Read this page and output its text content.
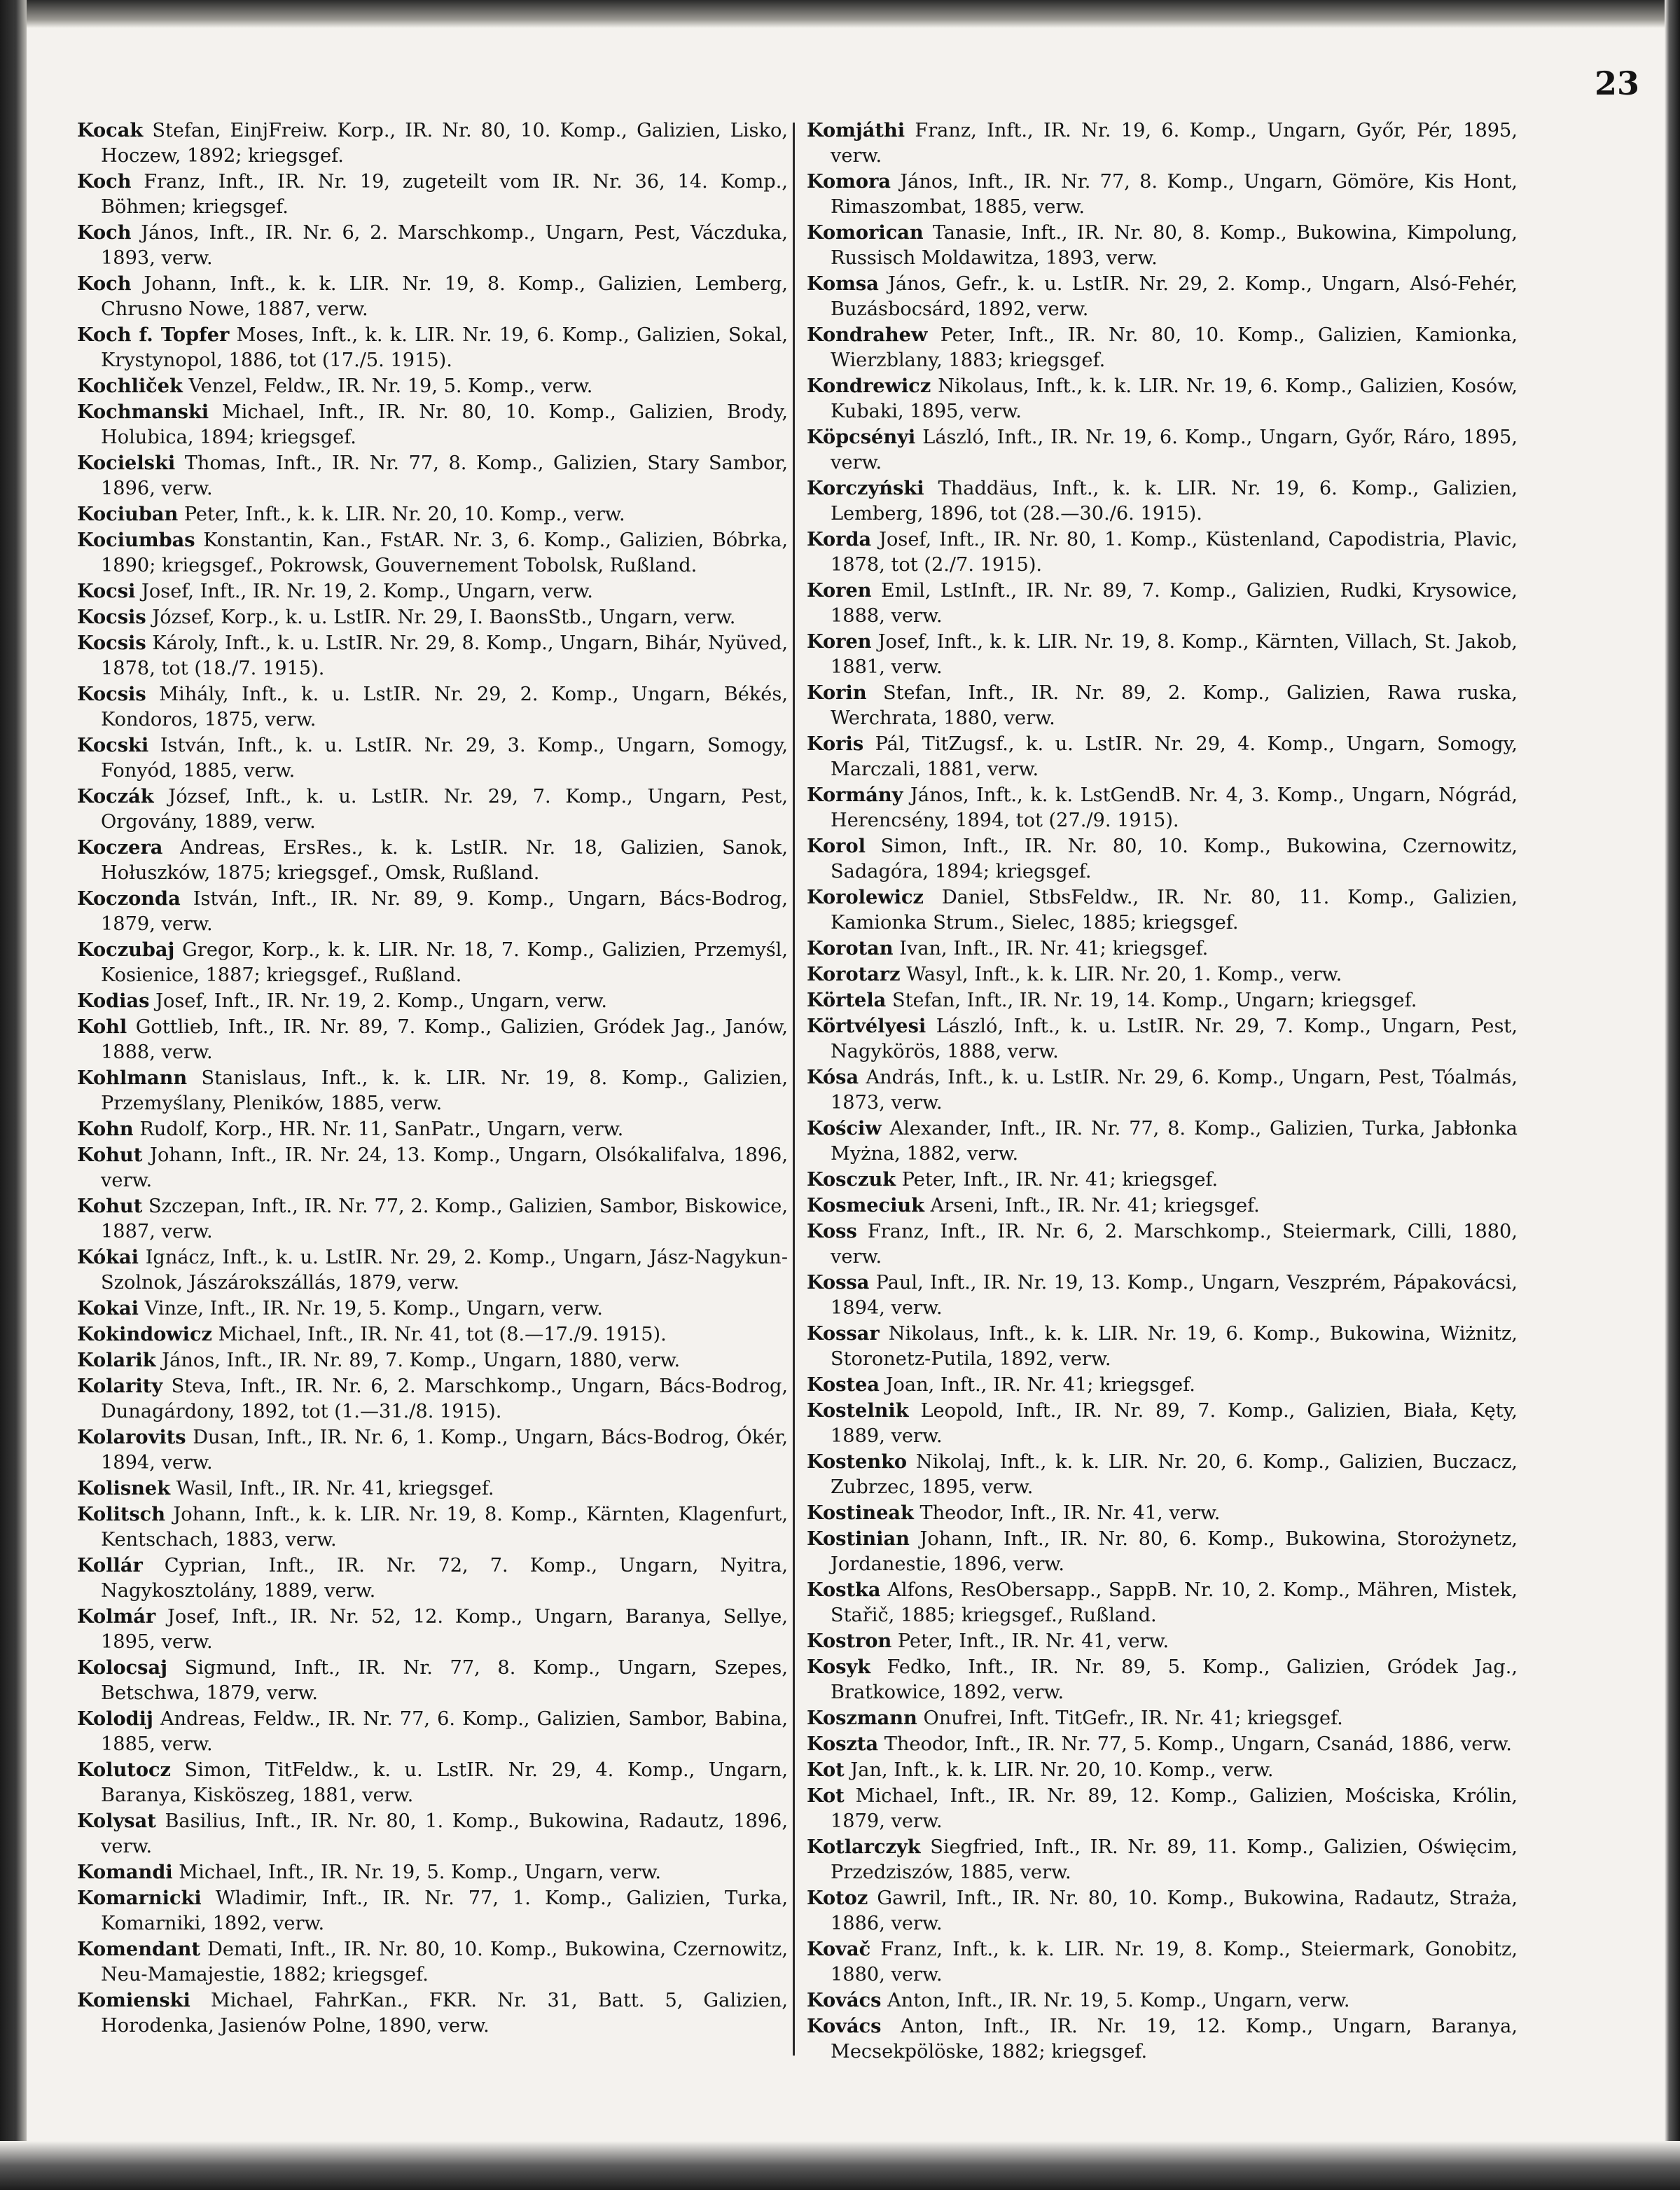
23

Kocak Stefan, EinjFreiw. Korp., IR. Nr. 80, 10. Komp., Galizien, Lisko, Hoczew, 1892; kriegsgef.

Koch Franz, Inft., IR. Nr. 19, zugeteilt vom IR. Nr. 36, 14. Komp., Böhmen; kriegsgef.

Koch János, Inft., IR. Nr. 6, 2. Marschkomp., Ungarn, Pest, Váczduka, 1893, verw.

Koch Johann, Inft., k. k. LIR. Nr. 19, 8. Komp., Galizien, Lemberg, Chrusno Nowe, 1887, verw.

Koch f. Topfer Moses, Inft., k. k. LIR. Nr. 19, 6. Komp., Galizien, Sokal, Krystynopol, 1886, tot (17./5. 1915).

Kochliček Venzel, Feldw., IR. Nr. 19, 5. Komp., verw.

Kochmanski Michael, Inft., IR. Nr. 80, 10. Komp., Galizien, Brody, Holubica, 1894; kriegsgef.

Kocielski Thomas, Inft., IR. Nr. 77, 8. Komp., Galizien, Stary Sambor, 1896, verw.

Kociuban Peter, Inft., k. k. LIR. Nr. 20, 10. Komp., verw.

Kociumbas Konstantin, Kan., FstAR. Nr. 3, 6. Komp., Galizien, Bóbrka, 1890; kriegsgef., Pokrowsk, Gouvernement Tobolsk, Rußland.

Kocsi Josef, Inft., IR. Nr. 19, 2. Komp., Ungarn, verw.

Kocsis József, Korp., k. u. LstIR. Nr. 29, I. BaonsStb., Ungarn, verw.

Kocsis Károly, Inft., k. u. LstIR. Nr. 29, 8. Komp., Ungarn, Bihár, Nyüved, 1878, tot (18./7. 1915).

Kocsis Mihály, Inft., k. u. LstIR. Nr. 29, 2. Komp., Ungarn, Békés, Kondoros, 1875, verw.

Kocski István, Inft., k. u. LstIR. Nr. 29, 3. Komp., Ungarn, Somogy, Fonyód, 1885, verw.

Koczák József, Inft., k. u. LstIR. Nr. 29, 7. Komp., Ungarn, Pest, Orgovány, 1889, verw.

Koczera Andreas, ErsRes., k. k. LstIR. Nr. 18, Galizien, Sanok, Hołuszków, 1875; kriegsgef., Omsk, Rußland.

Koczonda István, Inft., IR. Nr. 89, 9. Komp., Ungarn, Bács-Bodrog, 1879, verw.

Koczubaj Gregor, Korp., k. k. LIR. Nr. 18, 7. Komp., Galizien, Przemyśl, Kosienice, 1887; kriegsgef., Rußland.

Kodias Josef, Inft., IR. Nr. 19, 2. Komp., Ungarn, verw.

Kohl Gottlieb, Inft., IR. Nr. 89, 7. Komp., Galizien, Gródek Jag., Janów, 1888, verw.

Kohlmann Stanislaus, Inft., k. k. LIR. Nr. 19, 8. Komp., Galizien, Przemyślany, Pleników, 1885, verw.

Kohn Rudolf, Korp., HR. Nr. 11, SanPatr., Ungarn, verw.

Kohut Johann, Inft., IR. Nr. 24, 13. Komp., Ungarn, Olsókalifalva, 1896, verw.

Kohut Szczepan, Inft., IR. Nr. 77, 2. Komp., Galizien, Sambor, Biskowice, 1887, verw.

Kókai Ignácz, Inft., k. u. LstIR. Nr. 29, 2. Komp., Ungarn, Jász-Nagykun-Szolnok, Jászárokszállás, 1879, verw.

Kokai Vinze, Inft., IR. Nr. 19, 5. Komp., Ungarn, verw.

Kokindowicz Michael, Inft., IR. Nr. 41, tot (8.—17./9. 1915).

Kolarik János, Inft., IR. Nr. 89, 7. Komp., Ungarn, 1880, verw.

Kolarity Steva, Inft., IR. Nr. 6, 2. Marschkomp., Ungarn, Bács-Bodrog, Dunagárdony, 1892, tot (1.—31./8. 1915).

Kolarovits Dusan, Inft., IR. Nr. 6, 1. Komp., Ungarn, Bács-Bodrog, Ókér, 1894, verw.

Kolisnek Wasil, Inft., IR. Nr. 41, kriegsgef.

Kolitsch Johann, Inft., k. k. LIR. Nr. 19, 8. Komp., Kärnten, Klagenfurt, Kentschach, 1883, verw.

Kollár Cyprian, Inft., IR. Nr. 72, 7. Komp., Ungarn, Nyitra, Nagykosztolány, 1889, verw.

Kolmár Josef, Inft., IR. Nr. 52, 12. Komp., Ungarn, Baranya, Sellye, 1895, verw.

Kolocsaj Sigmund, Inft., IR. Nr. 77, 8. Komp., Ungarn, Szepes, Betschwa, 1879, verw.

Kolodij Andreas, Feldw., IR. Nr. 77, 6. Komp., Galizien, Sambor, Babina, 1885, verw.

Kolutocz Simon, TitFeldw., k. u. LstIR. Nr. 29, 4. Komp., Ungarn, Baranya, Kisköszeg, 1881, verw.

Kolysat Basilius, Inft., IR. Nr. 80, 1. Komp., Bukowina, Radautz, 1896, verw.

Komandi Michael, Inft., IR. Nr. 19, 5. Komp., Ungarn, verw.

Komarnicki Wladimir, Inft., IR. Nr. 77, 1. Komp., Galizien, Turka, Komarniki, 1892, verw.

Komendant Demati, Inft., IR. Nr. 80, 10. Komp., Bukowina, Czernowitz, Neu-Mamajestie, 1882; kriegsgef.

Komienski Michael, FahrKan., FKR. Nr. 31, Batt. 5, Galizien, Horodenka, Jasienów Polne, 1890, verw.

Komjáthi Franz, Inft., IR. Nr. 19, 6. Komp., Ungarn, Győr, Pér, 1895, verw.

Komora János, Inft., IR. Nr. 77, 8. Komp., Ungarn, Gömöre, Kis Hont, Rimaszombat, 1885, verw.

Komorican Tanasie, Inft., IR. Nr. 80, 8. Komp., Bukowina, Kimpolung, Russisch Moldawitza, 1893, verw.

Komsa János, Gefr., k. u. LstIR. Nr. 29, 2. Komp., Ungarn, Alsó-Fehér, Buzásbocsárd, 1892, verw.

Kondrahew Peter, Inft., IR. Nr. 80, 10. Komp., Galizien, Kamionka, Wierzblany, 1883; kriegsgef.

Kondrewicz Nikolaus, Inft., k. k. LIR. Nr. 19, 6. Komp., Galizien, Kosów, Kubaki, 1895, verw.

Köpcsényi László, Inft., IR. Nr. 19, 6. Komp., Ungarn, Győr, Ráro, 1895, verw.

Korczyński Thaddäus, Inft., k. k. LIR. Nr. 19, 6. Komp., Galizien, Lemberg, 1896, tot (28.—30./6. 1915).

Korda Josef, Inft., IR. Nr. 80, 1. Komp., Küstenland, Capodistria, Plavic, 1878, tot (2./7. 1915).

Koren Emil, LstInft., IR. Nr. 89, 7. Komp., Galizien, Rudki, Krysowice, 1888, verw.

Koren Josef, Inft., k. k. LIR. Nr. 19, 8. Komp., Kärnten, Villach, St. Jakob, 1881, verw.

Korin Stefan, Inft., IR. Nr. 89, 2. Komp., Galizien, Rawa ruska, Werchrata, 1880, verw.

Koris Pál, TitZugsf., k. u. LstIR. Nr. 29, 4. Komp., Ungarn, Somogy, Marczali, 1881, verw.

Kormány János, Inft., k. k. LstGendB. Nr. 4, 3. Komp., Ungarn, Nógrád, Herencsény, 1894, tot (27./9. 1915).

Korol Simon, Inft., IR. Nr. 80, 10. Komp., Bukowina, Czernowitz, Sadagóra, 1894; kriegsgef.

Korolewicz Daniel, StbsFeldw., IR. Nr. 80, 11. Komp., Galizien, Kamionka Strum., Sielec, 1885; kriegsgef.

Korotan Ivan, Inft., IR. Nr. 41; kriegsgef.

Korotarz Wasyl, Inft., k. k. LIR. Nr. 20, 1. Komp., verw.

Körtela Stefan, Inft., IR. Nr. 19, 14. Komp., Ungarn; kriegsgef.

Körtvélyesi László, Inft., k. u. LstIR. Nr. 29, 7. Komp., Ungarn, Pest, Nagykörös, 1888, verw.

Kósa András, Inft., k. u. LstIR. Nr. 29, 6. Komp., Ungarn, Pest, Tóalmás, 1873, verw.

Kościw Alexander, Inft., IR. Nr. 77, 8. Komp., Galizien, Turka, Jabłonka Myżna, 1882, verw.

Kosczuk Peter, Inft., IR. Nr. 41; kriegsgef.

Kosmeciuk Arseni, Inft., IR. Nr. 41; kriegsgef.

Koss Franz, Inft., IR. Nr. 6, 2. Marschkomp., Steiermark, Cilli, 1880, verw.

Kossa Paul, Inft., IR. Nr. 19, 13. Komp., Ungarn, Veszprém, Pápakovácsi, 1894, verw.

Kossar Nikolaus, Inft., k. k. LIR. Nr. 19, 6. Komp., Bukowina, Wiżnitz, Storonetz-Putila, 1892, verw.

Kostea Joan, Inft., IR. Nr. 41; kriegsgef.

Kostelnik Leopold, Inft., IR. Nr. 89, 7. Komp., Galizien, Biała, Kęty, 1889, verw.

Kostenko Nikolaj, Inft., k. k. LIR. Nr. 20, 6. Komp., Galizien, Buczacz, Zubrzec, 1895, verw.

Kostineak Theodor, Inft., IR. Nr. 41, verw.

Kostinian Johann, Inft., IR. Nr. 80, 6. Komp., Bukowina, Storożynetz, Jordanestie, 1896, verw.

Kostka Alfons, ResObersapp., SappB. Nr. 10, 2. Komp., Mähren, Mistek, Stařič, 1885; kriegsgef., Rußland.

Kostron Peter, Inft., IR. Nr. 41, verw.

Kosyk Fedko, Inft., IR. Nr. 89, 5. Komp., Galizien, Gródek Jag., Bratkowice, 1892, verw.

Koszmann Onufrei, Inft. TitGefr., IR. Nr. 41; kriegsgef.

Koszta Theodor, Inft., IR. Nr. 77, 5. Komp., Ungarn, Csanád, 1886, verw.

Kot Jan, Inft., k. k. LIR. Nr. 20, 10. Komp., verw.

Kot Michael, Inft., IR. Nr. 89, 12. Komp., Galizien, Mościska, Królin, 1879, verw.

Kotlarczyk Siegfried, Inft., IR. Nr. 89, 11. Komp., Galizien, Oświęcim, Przedziszów, 1885, verw.

Kotoz Gawril, Inft., IR. Nr. 80, 10. Komp., Bukowina, Radautz, Straża, 1886, verw.

Kovač Franz, Inft., k. k. LIR. Nr. 19, 8. Komp., Steiermark, Gonobitz, 1880, verw.

Kovács Anton, Inft., IR. Nr. 19, 5. Komp., Ungarn, verw.

Kovács Anton, Inft., IR. Nr. 19, 12. Komp., Ungarn, Baranya, Mecsekpölöske, 1882; kriegsgef.
